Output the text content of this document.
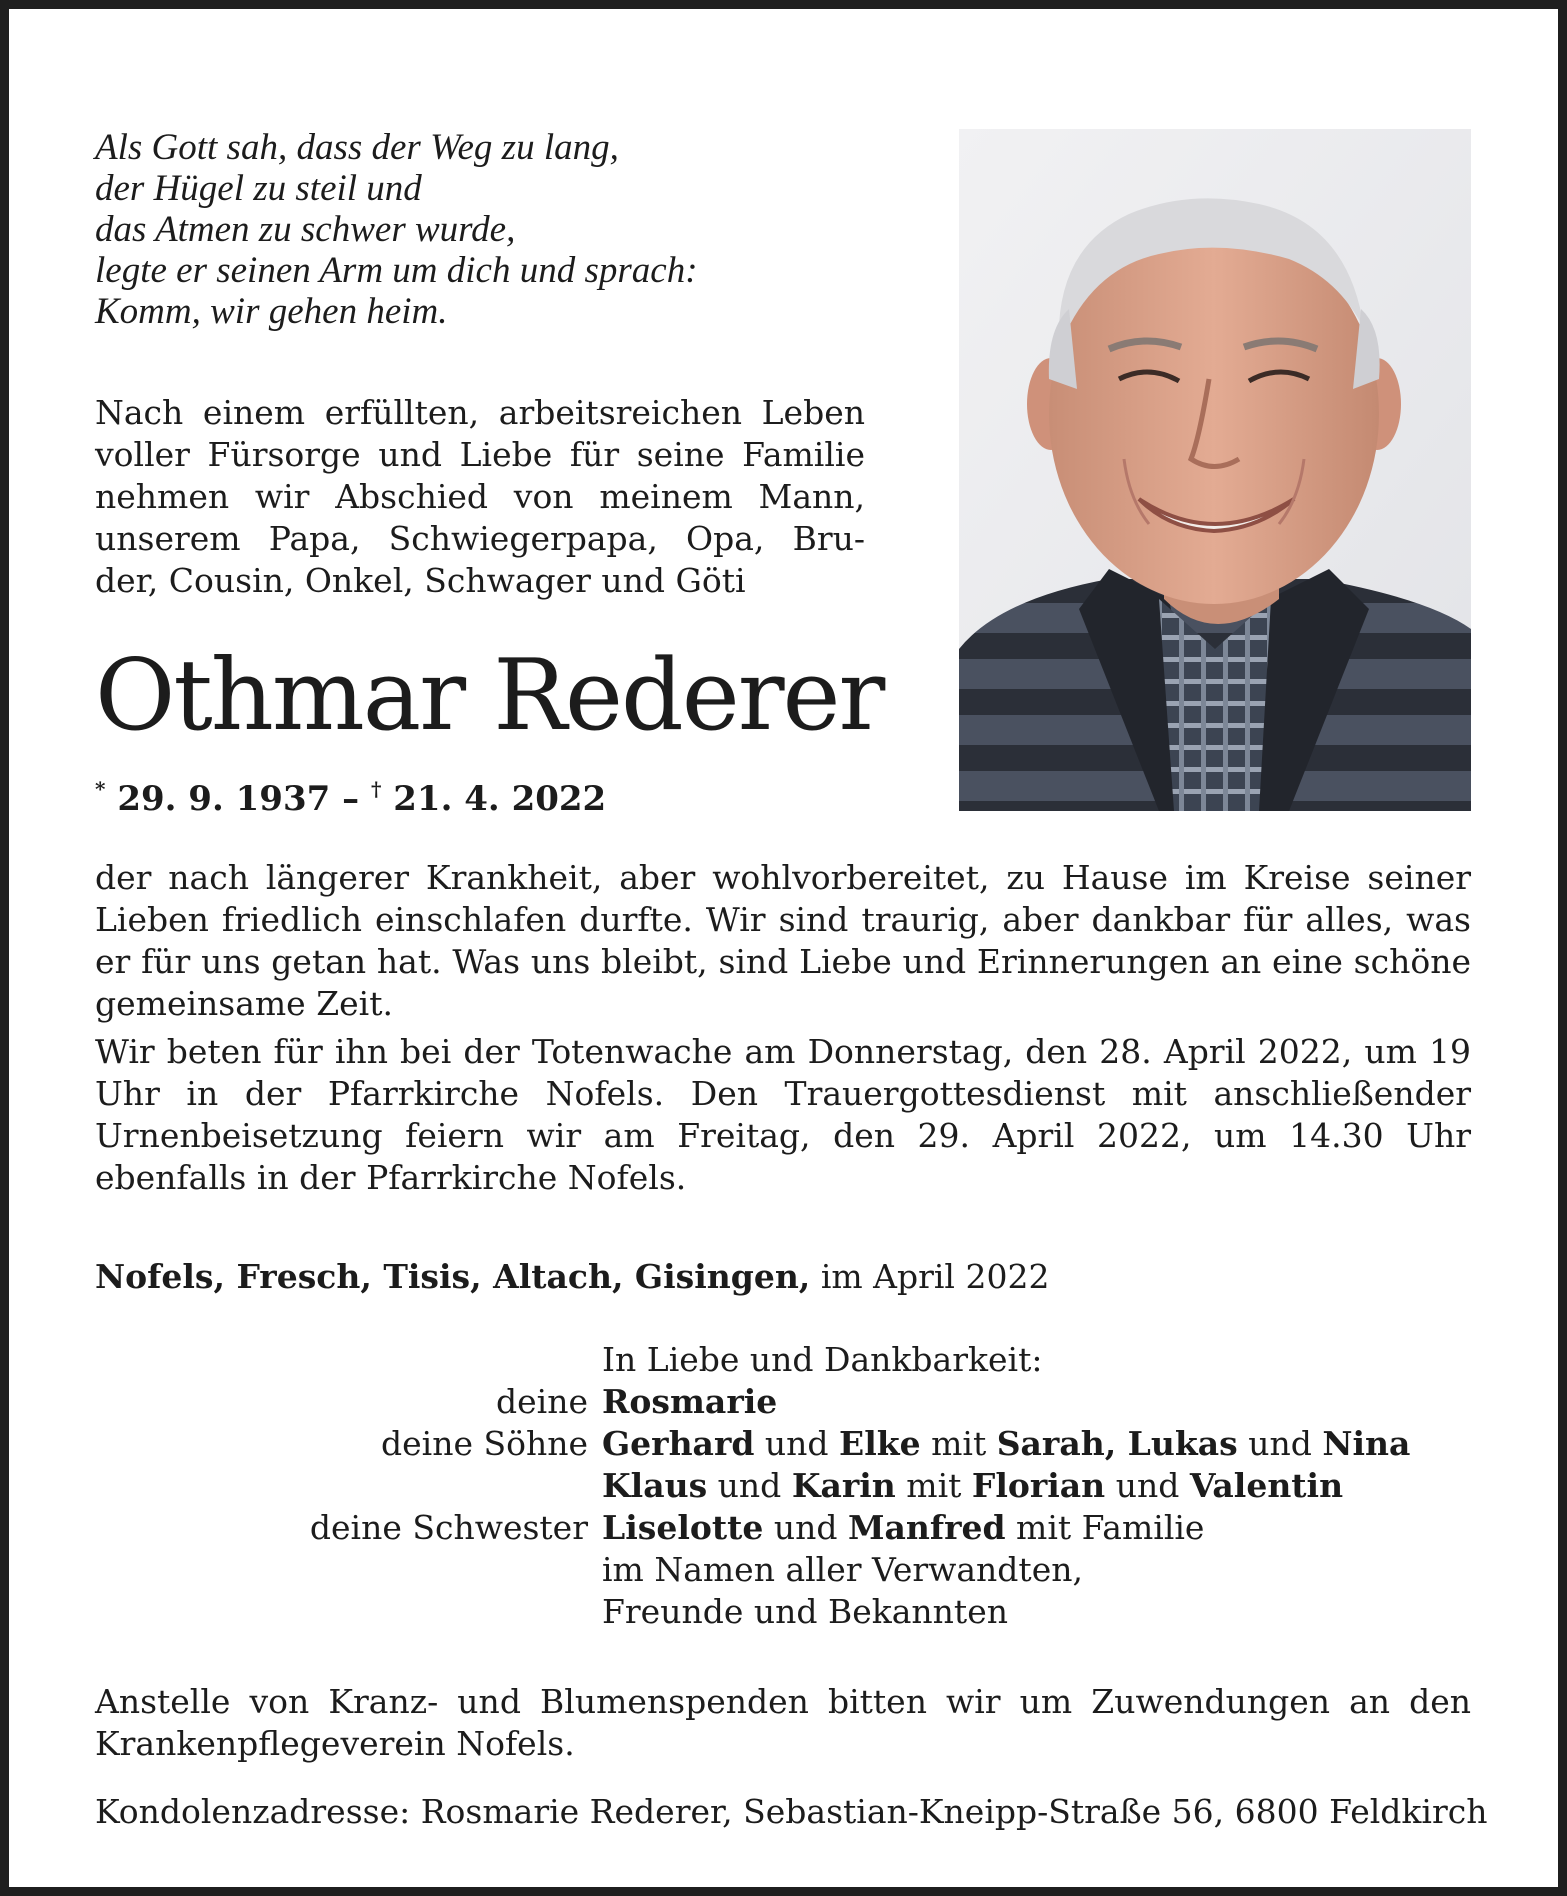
Als Gott sah, dass der Weg zu lang,
der Hügel zu steil und
das Atmen zu schwer wurde,
legte er seinen Arm um dich und sprach:
Komm, wir gehen heim.
Nach einem erfüllten, arbeitsreichen Leben
voller Fürsorge und Liebe für seine Familie
nehmen wir Abschied von meinem Mann,
unserem Papa, Schwiegerpapa, Opa, Bru-
der, Cousin, Onkel, Schwager und Göti
Othmar Rederer
* 29. 9. 1937 – † 21. 4. 2022

der nach längerer Krankheit, aber wohlvorbereitet, zu Hause im Kreise seiner Lieben friedlich einschlafen durfte. Wir sind traurig, aber dankbar für alles, was er für uns getan hat. Was uns bleibt, sind Liebe und Erinnerungen an eine schöne gemeinsame Zeit.

Wir beten für ihn bei der Totenwache am Donnerstag, den 28. April 2022, um 19 Uhr in der Pfarrkirche Nofels. Den Trauergottesdienst mit anschließender Urnenbeisetzung feiern wir am Freitag, den 29. April 2022, um 14.30 Uhr ebenfalls in der Pfarrkirche Nofels.

Nofels, Fresch, Tisis, Altach, Gisingen, im April 2022
In Liebe und Dankbarkeit:
deine Rosmarie
deine Söhne Gerhard und Elke mit Sarah, Lukas und Nina
Klaus und Karin mit Florian und Valentin
deine Schwester Liselotte und Manfred mit Familie
im Namen aller Verwandten,
Freunde und Bekannten
Anstelle von Kranz- und Blumenspenden bitten wir um Zuwendungen an den
Krankenpflegeverein Nofels.
Kondolenzadresse: Rosmarie Rederer, Sebastian-Kneipp-Straße 56, 6800 Feldkirch
